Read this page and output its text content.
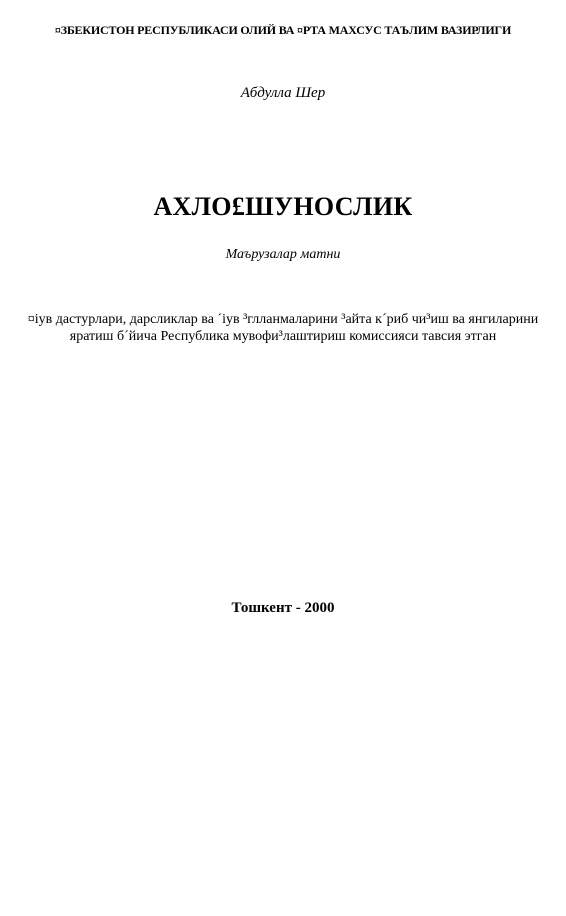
¤ЗБЕКИСТОН РЕСПУБЛИКАСИ ОЛИЙ ВА ¤РТА МАХСУС ТАЪЛИМ ВАЗИРЛИГИ

Абдулла Шер

АХЛО£ШУНОСЛИК

Маърузалар матни

¤іув дастурлари, дарсликлар ва ´іув ³глланмаларини ³айта к´риб чи³иш ва янгиларини яратиш б´йича Республика мувофи³лаштириш комиссияси тавсия этган

Тошкент - 2000
